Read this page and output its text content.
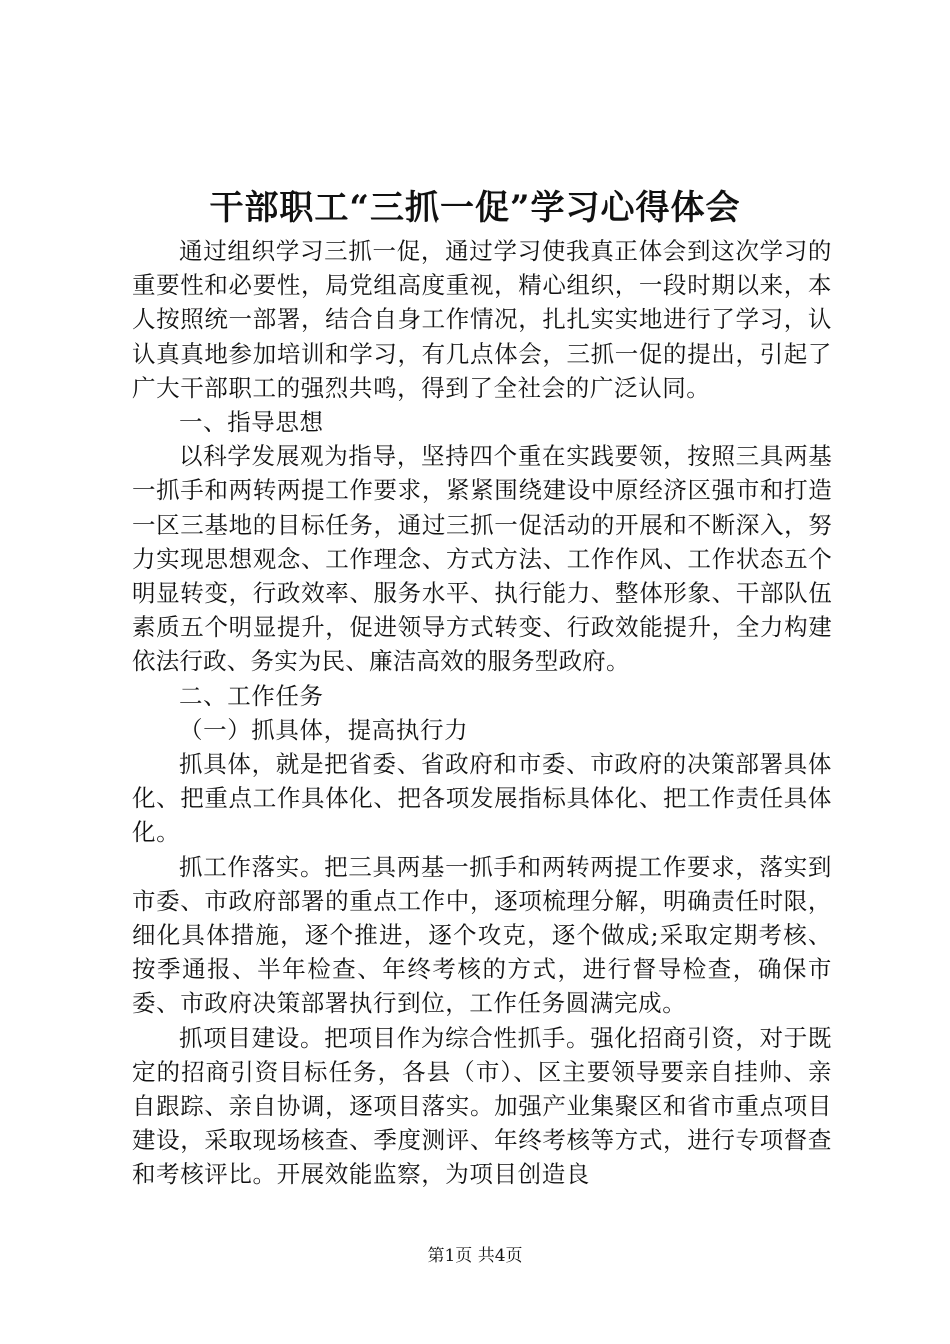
干部职工“三抓一促”学习心得体会

通过组织学习三抓一促，通过学习使我真正体会到这次学习的重要性和必要性，局党组高度重视，精心组织，一段时期以来，本人按照统一部署，结合自身工作情况，扎扎实实地进行了学习，认认真真地参加培训和学习，有几点体会，三抓一促的提出，引起了广大干部职工的强烈共鸣，得到了全社会的广泛认同。

一、指导思想

以科学发展观为指导，坚持四个重在实践要领，按照三具两基一抓手和两转两提工作要求，紧紧围绕建设中原经济区强市和打造一区三基地的目标任务，通过三抓一促活动的开展和不断深入，努力实现思想观念、工作理念、方式方法、工作作风、工作状态五个明显转变，行政效率、服务水平、执行能力、整体形象、干部队伍素质五个明显提升，促进领导方式转变、行政效能提升，全力构建依法行政、务实为民、廉洁高效的服务型政府。

二、工作任务

（一）抓具体，提高执行力

抓具体，就是把省委、省政府和市委、市政府的决策部署具体化、把重点工作具体化、把各项发展指标具体化、把工作责任具体化。

抓工作落实。把三具两基一抓手和两转两提工作要求，落实到市委、市政府部署的重点工作中，逐项梳理分解，明确责任时限，细化具体措施，逐个推进，逐个攻克，逐个做成;采取定期考核、按季通报、半年检查、年终考核的方式，进行督导检查，确保市委、市政府决策部署执行到位，工作任务圆满完成。

抓项目建设。把项目作为综合性抓手。强化招商引资，对于既定的招商引资目标任务，各县（市）、区主要领导要亲自挂帅、亲自跟踪、亲自协调，逐项目落实。加强产业集聚区和省市重点项目建设，采取现场核查、季度测评、年终考核等方式，进行专项督查和考核评比。开展效能监察，为项目创造良

第1页 共4页
